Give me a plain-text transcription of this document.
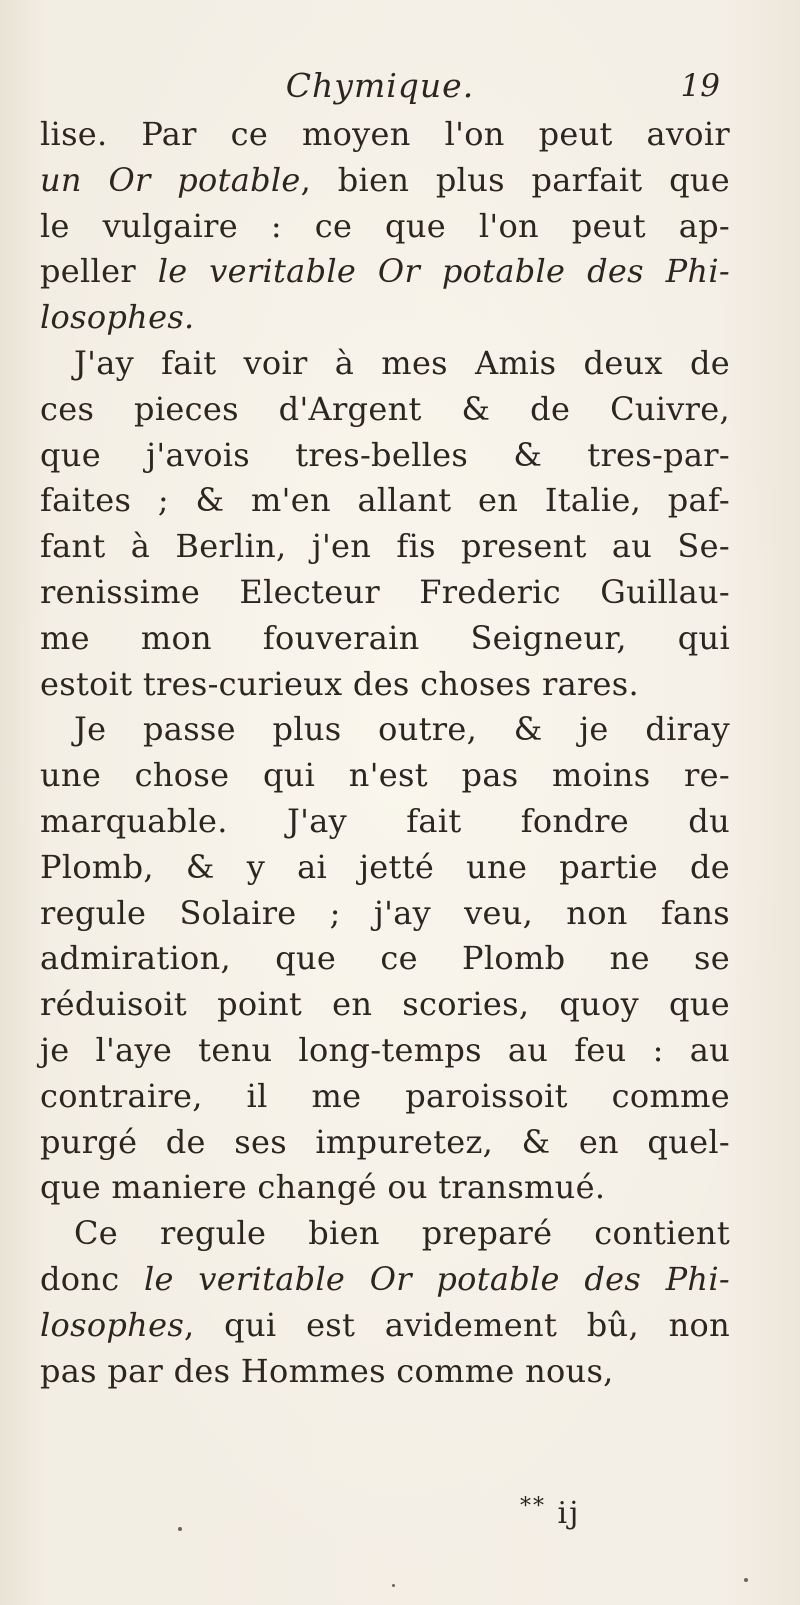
Chymique.	19
lise. Par ce moyen l'on peut avoir
un Or potable, bien plus parfait que
le vulgaire : ce que l'on peut ap-
peller le veritable Or potable des Phi-
losophes.
J'ay fait voir à mes Amis deux de
ces pieces d'Argent & de Cuivre,
que j'avois tres-belles & tres-par-
faites ; & m'en allant en Italie, paf-
fant à Berlin, j'en fis present au Se-
renissime Electeur Frederic Guillau-
me mon fouverain Seigneur, qui
estoit tres-curieux des choses rares.
Je passe plus outre, & je diray
une chose qui n'est pas moins re-
marquable. J'ay fait fondre du
Plomb, & y ai jetté une partie de
regule Solaire ; j'ay veu, non fans
admiration, que ce Plomb ne se
réduisoit point en scories, quoy que
je l'aye tenu long-temps au feu : au
contraire, il me paroissoit comme
purgé de ses impuretez, & en quel-
que maniere changé ou transmué.
Ce regule bien preparé contient
donc le veritable Or potable des Phi-
losophes, qui est avidement bû, non
pas par des Hommes comme nous,
** ij
